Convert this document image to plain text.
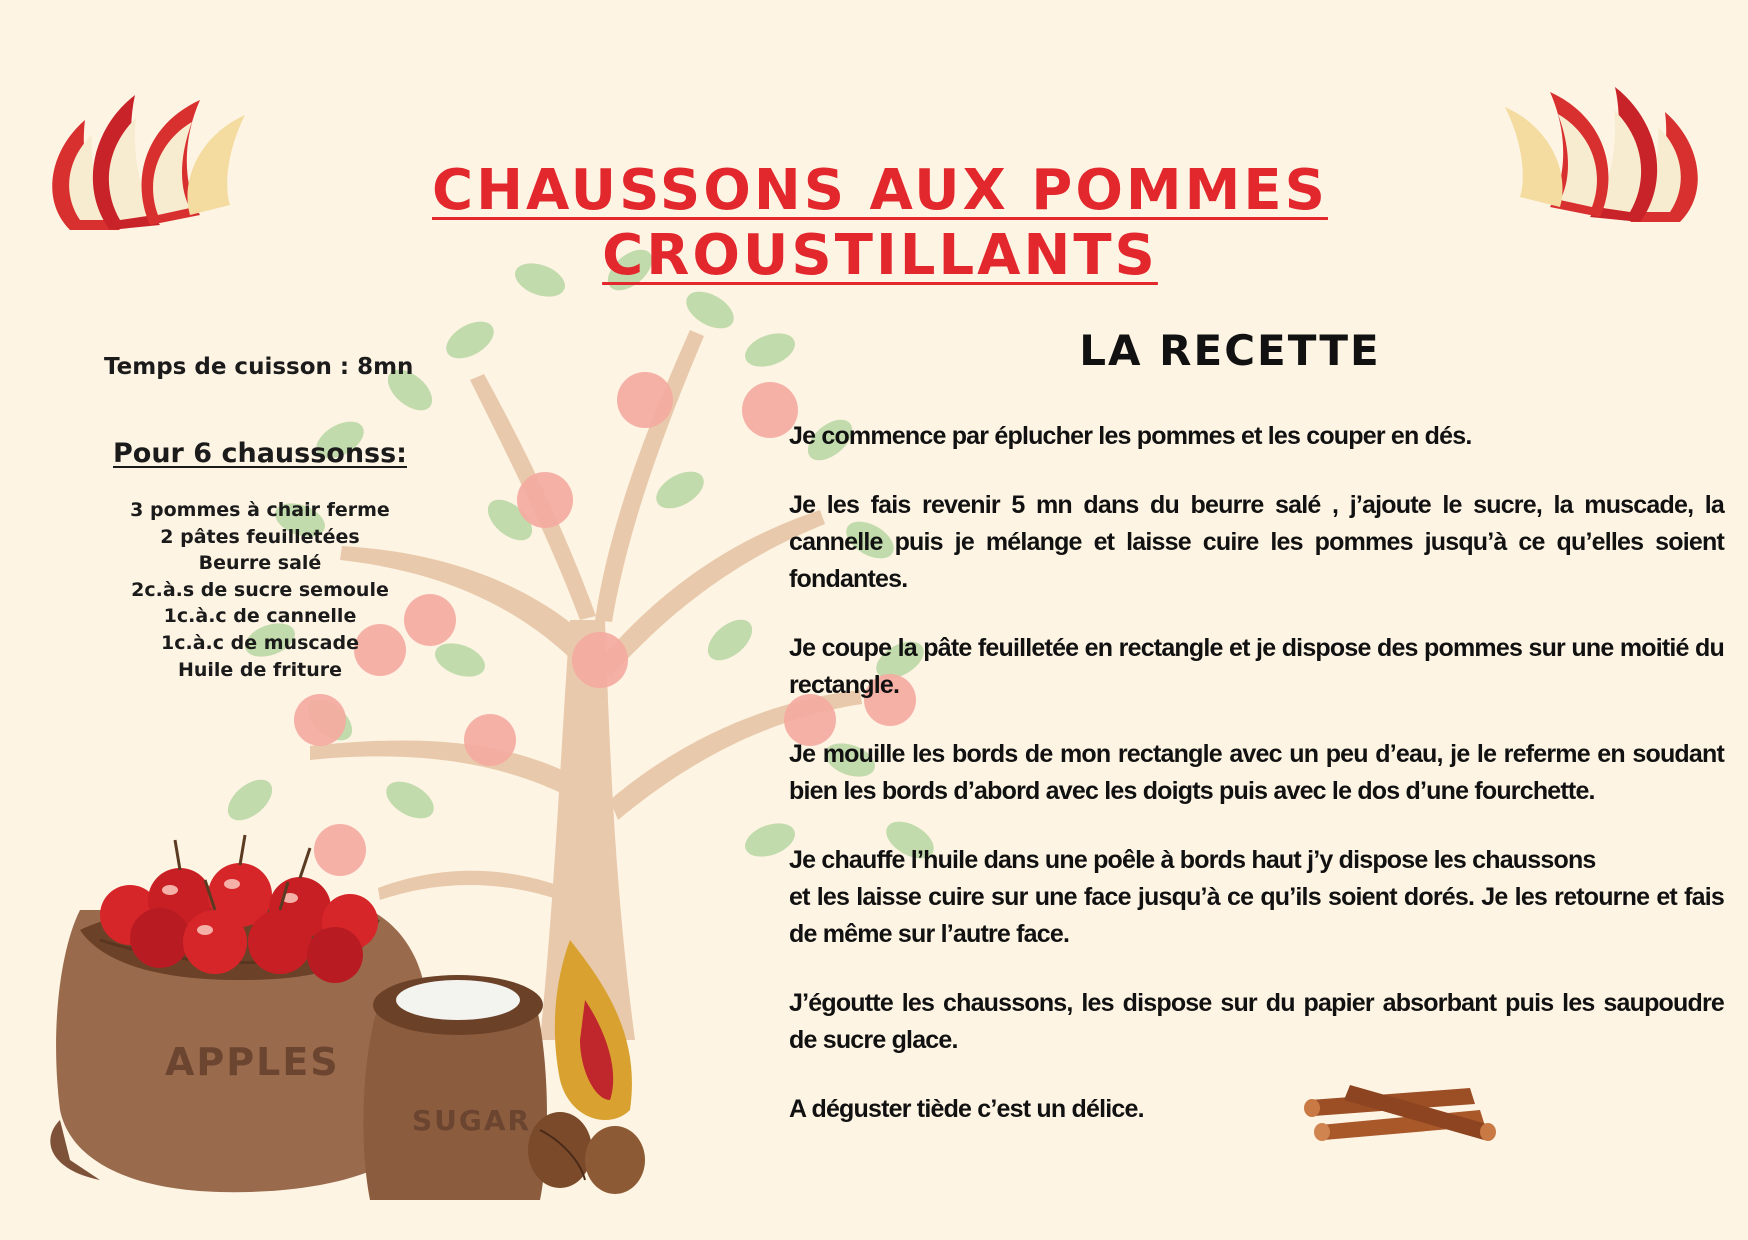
CHAUSSONS AUX POMMES CROUSTILLANTS

Temps de cuisson : 8mn

Pour 6 chaussonss:

3 pommes à chair ferme
2 pâtes feuilletées
Beurre salé
2c.à.s de sucre semoule
1c.à.c de cannelle
1c.à.c de muscade
Huile de friture
LA RECETTE

Je commence par éplucher les pommes et les couper en dés.

Je les fais revenir 5 mn dans du beurre salé , j’ajoute le sucre, la muscade, la cannelle puis je mélange et laisse cuire les pommes jusqu’à ce qu’elles soient fondantes.

Je coupe la pâte feuilletée en rectangle et je dispose des pommes sur une moitié du rectangle.

Je mouille les bords de mon rectangle avec un peu d’eau, je le referme en soudant bien les bords d’abord avec les doigts puis avec le dos d’une fourchette.

Je chauffe l’huile dans une poêle à bords haut j’y dispose les chaussons

et les laisse cuire sur une face jusqu’à ce qu’ils soient dorés. Je les retourne et fais de même sur l’autre face.

J’égoutte les chaussons, les dispose sur du papier absorbant puis les saupoudre de sucre glace.

A déguster tiède c’est un délice.

APPLES
SUGAR
